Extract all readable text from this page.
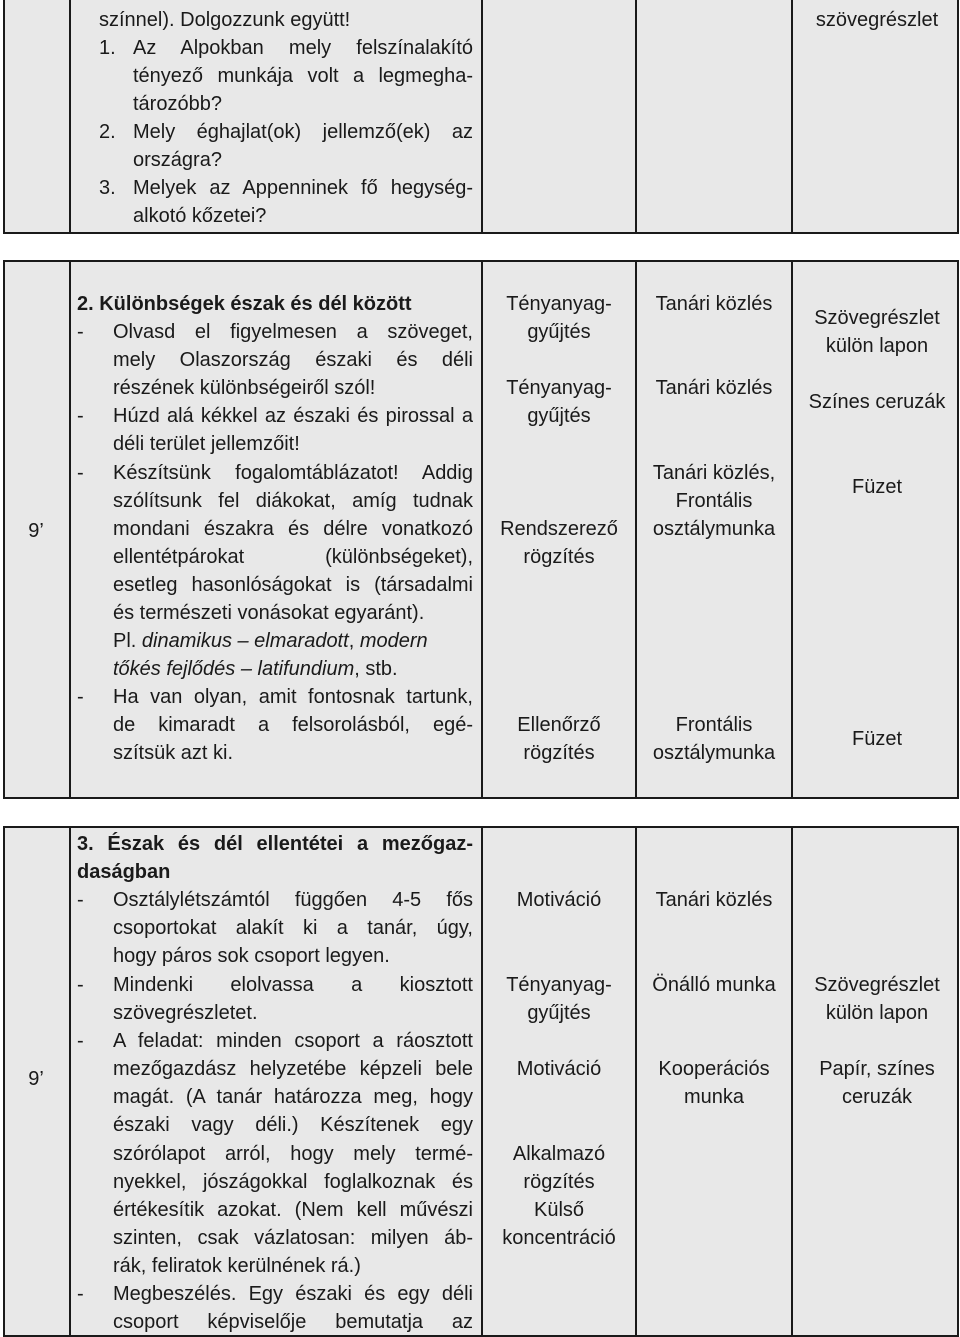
színnel). Dolgozzunk együtt!
1. Az Alpokban mely felszínalakító
tényező munkája volt a legmegha-
tározóbb?
2. Mely éghajlat(ok) jellemző(ek) az
országra?
3. Melyek az Appenninek fő hegység-
alkotó kőzetei?
szövegrészlet
9’
2. Különbségek észak és dél között
- Olvasd el figyelmesen a szöveget,
mely Olaszország északi és déli
részének különbségeiről szól!
- Húzd alá kékkel az északi és pirossal a
déli terület jellemzőit!
- Készítsünk fogalomtáblázatot! Addig
szólítsunk fel diákokat, amíg tudnak
mondani északra és délre vonatkozó
ellentétpárokat (különbségeket),
esetleg hasonlóságokat is (társadalmi
és természeti vonásokat egyaránt).
Pl. dinamikus – elmaradott, modern
tőkés fejlődés – latifundium, stb.
- Ha van olyan, amit fontosnak tartunk,
de kimaradt a felsorolásból, egé-
szítsük azt ki.
Tényanyag-
gyűjtés
Tényanyag-
gyűjtés
Rendszerező
rögzítés
Ellenőrző
rögzítés
Tanári közlés
Tanári közlés
Tanári közlés,
Frontális
osztálymunka
Frontális
osztálymunka
Szövegrészlet
külön lapon
Színes ceruzák
Füzet
Füzet
9’
3. Észak és dél ellentétei a mezőgaz-
daságban
- Osztálylétszámtól függően 4-5 fős
csoportokat alakít ki a tanár, úgy,
hogy páros sok csoport legyen.
- Mindenki elolvassa a kiosztott
szövegrészletet.
- A feladat: minden csoport a ráosztott
mezőgazdász helyzetébe képzeli bele
magát. (A tanár határozza meg, hogy
északi vagy déli.) Készítenek egy
szórólapot arról, hogy mely termé-
nyekkel, jószágokkal foglalkoznak és
értékesítik azokat. (Nem kell művészi
szinten, csak vázlatosan: milyen áb-
rák, feliratok kerülnének rá.)
- Megbeszélés. Egy északi és egy déli
csoport képviselője bemutatja az
Motiváció
Tényanyag-
gyűjtés
Motiváció
Alkalmazó
rögzítés
Külső
koncentráció
Tanári közlés
Önálló munka
Kooperációs
munka
Szövegrészlet
külön lapon
Papír, színes
ceruzák
